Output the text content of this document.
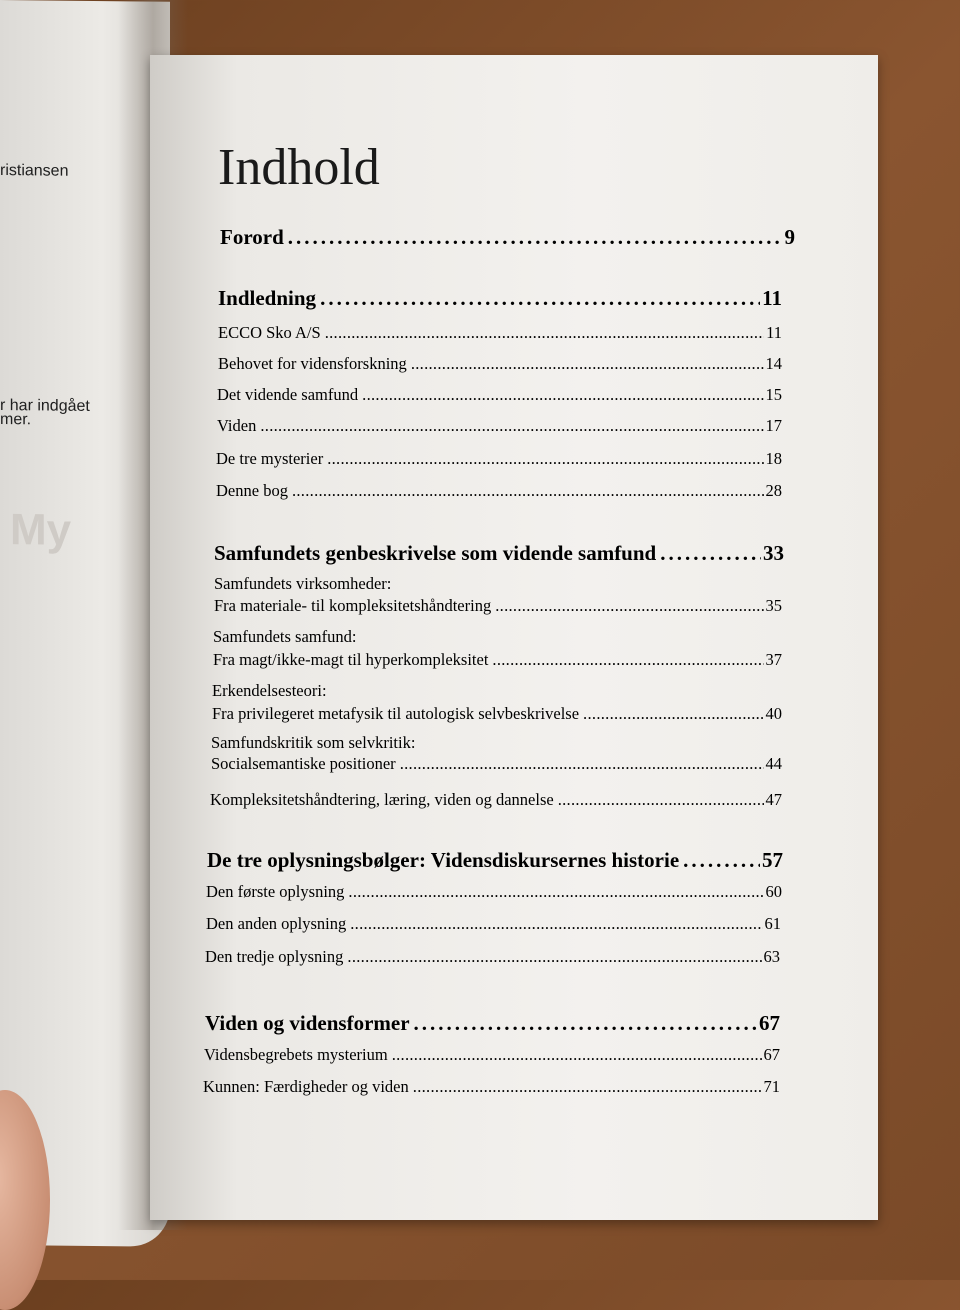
ristiansen
r har indgået
mer.
My
Indhold
Forord .....	9
Indledning .....	11
ECCO Sko A/S .....	11
Behovet for vidensforskning .....	14
Det vidende samfund .....	15
Viden .....	17
De tre mysterier .....	18
Denne bog .....	28
Samfundets genbeskrivelse som vidende samfund .....	33
Samfundets virksomheder:
Fra materiale- til kompleksitetshåndtering .....	35
Samfundets samfund:
Fra magt/ikke-magt til hyperkompleksitet .....	37
Erkendelsesteori:
Fra privilegeret metafysik til autologisk selvbeskrivelse .....	40
Samfundskritik som selvkritik:
Socialsemantiske positioner .....	44
Kompleksitetshåndtering, læring, viden og dannelse .....	47
De tre oplysningsbølger: Vidensdiskursernes historie .....	57
Den første oplysning .....	60
Den anden oplysning .....	61
Den tredje oplysning .....	63
Viden og vidensformer .....	67
Vidensbegrebets mysterium .....	67
Kunnen: Færdigheder og viden .....	71
